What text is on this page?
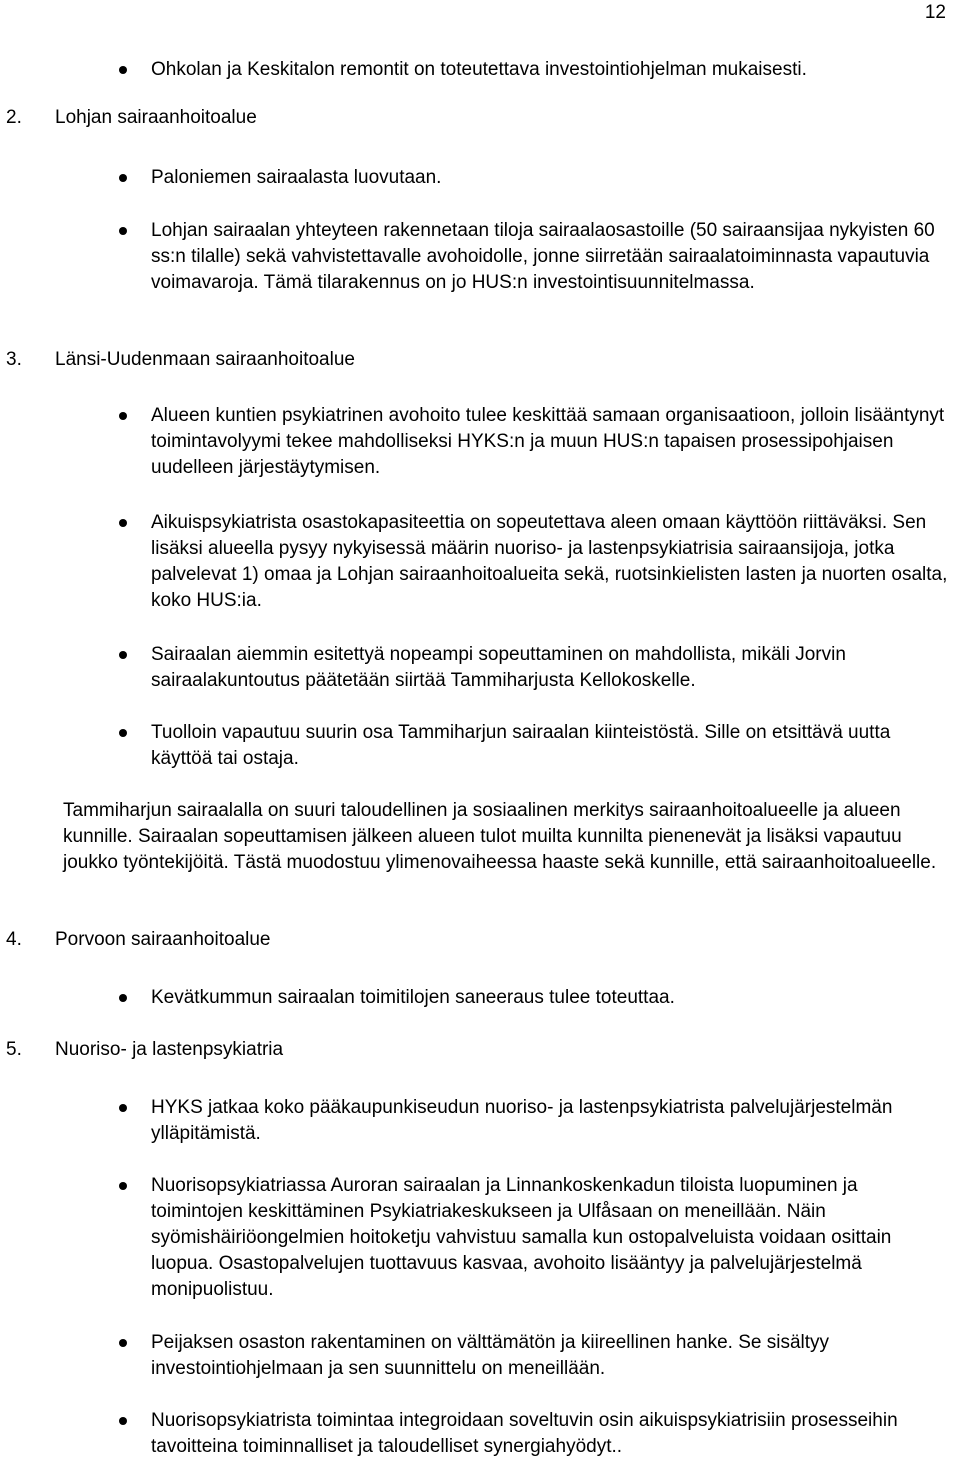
12

Ohkolan ja Keskitalon remontit on toteutettava investointiohjelman mukaisesti.

2. Lohjan sairaanhoitoalue

Paloniemen sairaalasta luovutaan.

Lohjan sairaalan yhteyteen rakennetaan tiloja sairaalaosastoille (50 sairaansijaa nykyisten 60 ss:n tilalle) sekä vahvistettavalle avohoidolle, jonne siirretään sairaalatoiminnasta vapautuvia voimavaroja. Tämä tilarakennus on jo HUS:n investointisuunnitelmassa.

3. Länsi-Uudenmaan sairaanhoitoalue

Alueen kuntien psykiatrinen avohoito tulee keskittää samaan organisaatioon, jolloin lisääntynyt toimintavolyymi tekee mahdolliseksi HYKS:n ja muun HUS:n tapaisen prosessipohjaisen uudelleen järjestäytymisen.

Aikuispsykiatrista osastokapasiteettia on sopeutettava aleen omaan käyttöön riittäväksi. Sen lisäksi alueella pysyy nykyisessä määrin nuoriso- ja lastenpsykiatrisia sairaansijoja, jotka palvelevat 1) omaa ja Lohjan sairaanhoitoalueita sekä, ruotsinkielisten lasten ja nuorten osalta, koko HUS:ia.

Sairaalan aiemmin esitettyä nopeampi sopeuttaminen on mahdollista, mikäli Jorvin sairaalakuntoutus päätetään siirtää Tammiharjusta Kellokoskelle.

Tuolloin vapautuu suurin osa Tammiharjun sairaalan kiinteistöstä. Sille on etsittävä uutta käyttöä tai ostaja.

Tammiharjun sairaalalla on suuri taloudellinen ja sosiaalinen merkitys sairaanhoitoalueelle ja alueen kunnille. Sairaalan sopeuttamisen jälkeen alueen tulot muilta kunnilta pienenevät ja lisäksi vapautuu joukko työntekijöitä. Tästä muodostuu ylimenovaiheessa haaste sekä kunnille, että sairaanhoitoalueelle.

4. Porvoon sairaanhoitoalue

Kevätkummun sairaalan toimitilojen saneeraus tulee toteuttaa.

5. Nuoriso- ja lastenpsykiatria

HYKS jatkaa koko pääkaupunkiseudun nuoriso- ja lastenpsykiatrista palvelujärjestelmän ylläpitämistä.

Nuorisopsykiatriassa Auroran sairaalan ja Linnankoskenkadun tiloista luopuminen ja toimintojen keskittäminen Psykiatriakeskukseen ja Ulfåsaan on meneillään. Näin syömishäiriöongelmien hoitoketju vahvistuu samalla kun ostopalveluista voidaan osittain luopua. Osastopalvelujen tuottavuus kasvaa, avohoito lisääntyy ja palvelujärjestelmä monipuolistuu.

Peijaksen osaston rakentaminen on välttämätön ja kiireellinen hanke. Se sisältyy investointiohjelmaan ja sen suunnittelu on meneillään.

Nuorisopsykiatrista toimintaa integroidaan soveltuvin osin aikuispsykiatrisiin prosesseihin tavoitteina toiminnalliset ja taloudelliset synergiahyödyt..
